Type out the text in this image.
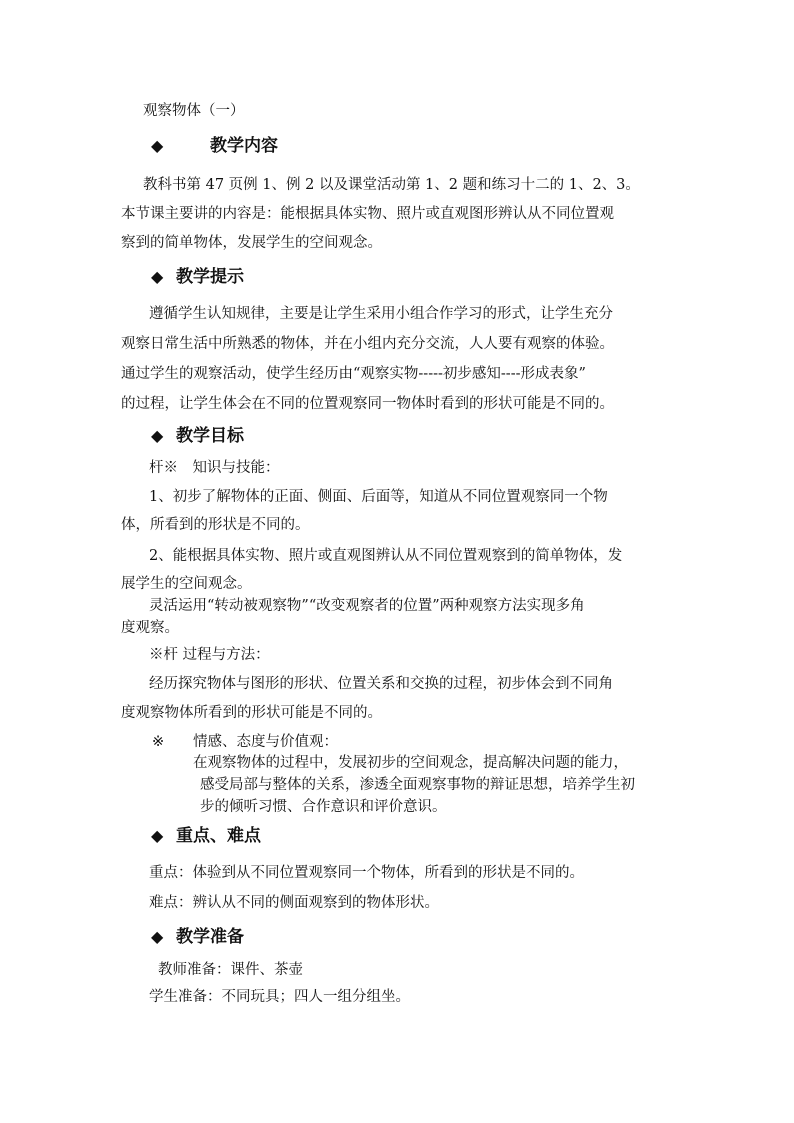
观察物体（一）
◆	教学内容
教科书第 47 页例 1、例 2 以及课堂活动第 1、2 题和练习十二的 1、2、3。
本节课主要讲的内容是：能根据具体实物、照片或直观图形辨认从不同位置观
察到的简单物体，发展学生的空间观念。
◆ 教学提示
遵循学生认知规律，主要是让学生采用小组合作学习的形式，让学生充分
观察日常生活中所熟悉的物体，并在小组内充分交流，人人要有观察的体验。
通过学生的观察活动，使学生经历由“观察实物-----初步感知----形成表象”
的过程，让学生体会在不同的位置观察同一物体时看到的形状可能是不同的。
◆ 教学目标
杆※　知识与技能：
1、初步了解物体的正面、侧面、后面等，知道从不同位置观察同一个物
体，所看到的形状是不同的。
2、能根据具体实物、照片或直观图辨认从不同位置观察到的简单物体，发
展学生的空间观念。
灵活运用“转动被观察物”“改变观察者的位置”两种观察方法实现多角
度观察。
※杆 过程与方法：
经历探究物体与图形的形状、位置关系和交换的过程，初步体会到不同角
度观察物体所看到的形状可能是不同的。
※ 情感、态度与价值观：
在观察物体的过程中，发展初步的空间观念，提高解决问题的能力，
感受局部与整体的关系，渗透全面观察事物的辩证思想，培养学生初
步的倾听习惯、合作意识和评价意识。
◆ 重点、难点
重点：体验到从不同位置观察同一个物体，所看到的形状是不同的。
难点：辨认从不同的侧面观察到的物体形状。
◆ 教学准备
教师准备：课件、茶壶
学生准备：不同玩具；四人一组分组坐。
